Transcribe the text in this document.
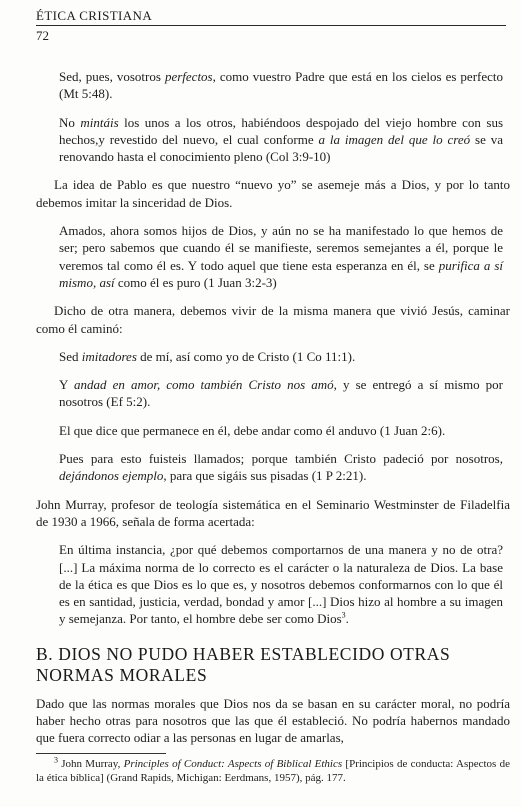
ÉTICA CRISTIANA
72

Sed, pues, vosotros perfectos, como vuestro Padre que está en los cielos es perfecto (Mt 5:48).

No mintáis los unos a los otros, habiéndoos despojado del viejo hombre con sus hechos,y revestido del nuevo, el cual conforme a la imagen del que lo creó se va renovando hasta el conocimiento pleno (Col 3:9-10)

La idea de Pablo es que nuestro “nuevo yo” se asemeje más a Dios, y por lo tanto debemos imitar la sinceridad de Dios.

Amados, ahora somos hijos de Dios, y aún no se ha manifestado lo que hemos de ser; pero sabemos que cuando él se manifieste, seremos semejantes a él, porque le veremos tal como él es. Y todo aquel que tiene esta esperanza en él, se purifica a sí mismo, así como él es puro (1 Juan 3:2-3)

Dicho de otra manera, debemos vivir de la misma manera que vivió Jesús, caminar como él caminó:

Sed imitadores de mí, así como yo de Cristo (1 Co 11:1).

Y andad en amor, como también Cristo nos amó, y se entregó a sí mismo por nosotros (Ef 5:2).

El que dice que permanece en él, debe andar como él anduvo (1 Juan 2:6).

Pues para esto fuisteis llamados; porque también Cristo padeció por nosotros, dejándonos ejemplo, para que sigáis sus pisadas (1 P 2:21).

John Murray, profesor de teología sistemática en el Seminario Westminster de Filadelfia de 1930 a 1966, señala de forma acertada:

En última instancia, ¿por qué debemos comportarnos de una manera y no de otra? [...] La máxima norma de lo correcto es el carácter o la naturaleza de Dios. La base de la ética es que Dios es lo que es, y nosotros debemos conformarnos con lo que él es en santidad, justicia, verdad, bondad y amor [...] Dios hizo al hombre a su imagen y semejanza. Por tanto, el hombre debe ser como Dios$^3$.

B. DIOS NO PUDO HABER ESTABLECIDO OTRAS NORMAS MORALES

Dado que las normas morales que Dios nos da se basan en su carácter moral, no podría haber hecho otras para nosotros que las que él estableció. No podría habernos mandado que fuera correcto odiar a las personas en lugar de amarlas,

$^3$ John Murray, Principles of Conduct: Aspects of Biblical Ethics [Principios de conducta: Aspectos de la ética bíblica] (Grand Rapids, Michigan: Eerdmans, 1957), pág. 177.
